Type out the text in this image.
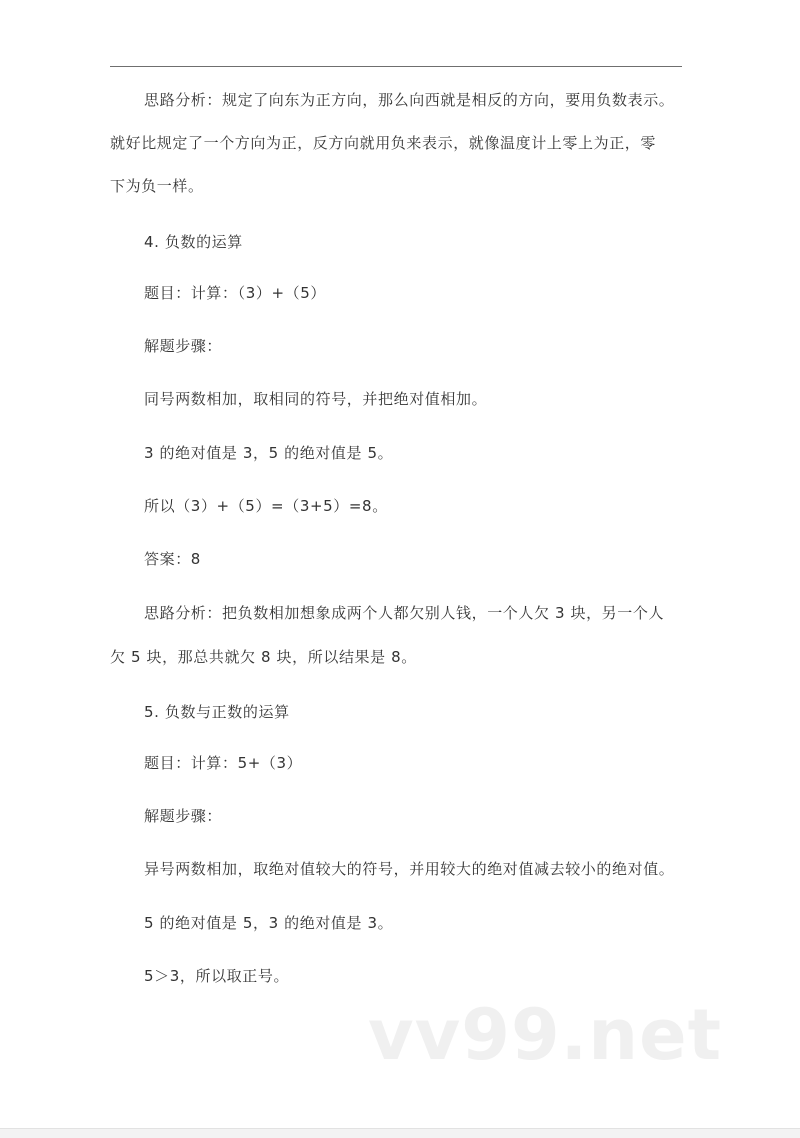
思路分析：规定了向东为正方向，那么向西就是相反的方向，要用负数表示。
就好比规定了一个方向为正，反方向就用负来表示，就像温度计上零上为正，零
下为负一样。
4. 负数的运算
题目：计算：（3）+（5）
解题步骤：
同号两数相加，取相同的符号，并把绝对值相加。
3 的绝对值是 3，5 的绝对值是 5。
所以（3）+（5）=（3+5）=8。
答案：8
思路分析：把负数相加想象成两个人都欠别人钱，一个人欠 3 块，另一个人
欠 5 块，那总共就欠 8 块，所以结果是 8。
5. 负数与正数的运算
题目：计算：5+（3）
解题步骤：
异号两数相加，取绝对值较大的符号，并用较大的绝对值减去较小的绝对值。
5 的绝对值是 5，3 的绝对值是 3。
5＞3，所以取正号。
vv99.net
